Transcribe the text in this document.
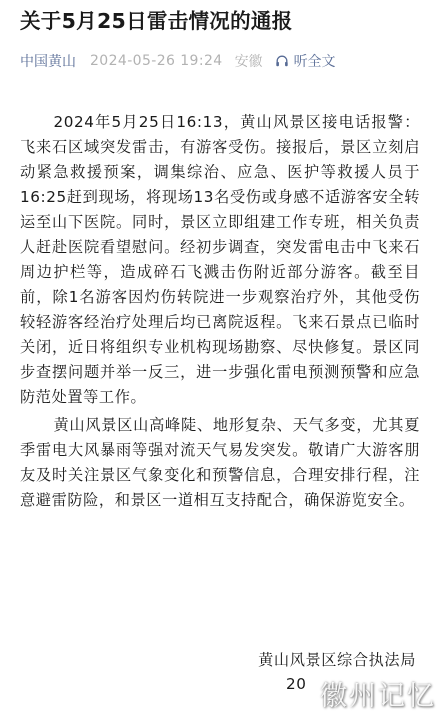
关于5月25日雷击情况的通报
中国黄山 2024-05-26 19:24 安徽 听全文

2024年5月25日16:13，黄山风景区接电话报警：飞来石区域突发雷击，有游客受伤。接报后，景区立刻启动紧急救援预案，调集综治、应急、医护等救援人员于16:25赶到现场，将现场13名受伤或身感不适游客安全转运至山下医院。同时，景区立即组建工作专班，相关负责人赶赴医院看望慰问。经初步调查，突发雷电击中飞来石周边护栏等，造成碎石飞溅击伤附近部分游客。截至目前，除1名游客因灼伤转院进一步观察治疗外，其他受伤较轻游客经治疗处理后均已离院返程。飞来石景点已临时关闭，近日将组织专业机构现场勘察、尽快修复。景区同步查摆问题并举一反三，进一步强化雷电预测预警和应急防范处置等工作。

黄山风景区山高峰陡、地形复杂、天气多变，尤其夏季雷电大风暴雨等强对流天气易发突发。敬请广大游客朋友及时关注景区气象变化和预警信息，合理安排行程，注意避雷防险，和景区一道相互支持配合，确保游览安全。

黄山风景区综合执法局
20 徽州记忆
